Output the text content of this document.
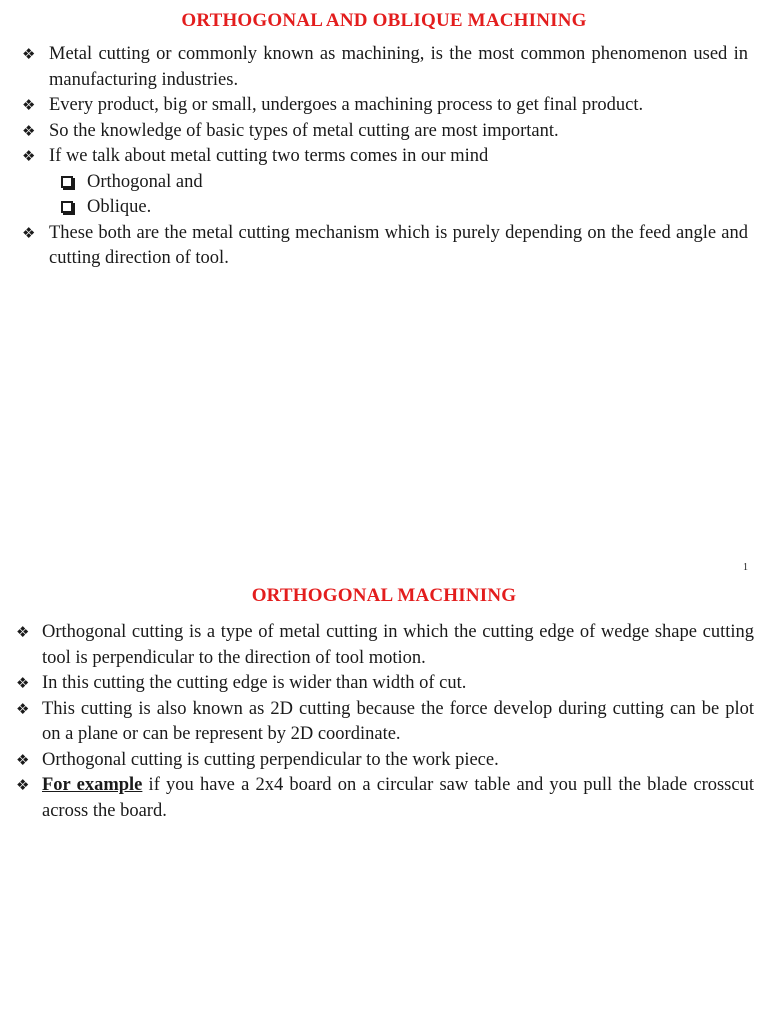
ORTHOGONAL AND OBLIQUE MACHINING
❖ Metal cutting or commonly known as machining, is the most common phenomenon used in manufacturing industries.
❖ Every product, big or small, undergoes a machining process to get final product.
❖ So the knowledge of basic types of metal cutting are most important.
❖ If we talk about metal cutting two terms comes in our mind
Orthogonal and
Oblique.
❖ These both are the metal cutting mechanism which is purely depending on the feed angle and cutting direction of tool.
1
ORTHOGONAL MACHINING
❖ Orthogonal cutting is a type of metal cutting in which the cutting edge of wedge shape cutting tool is perpendicular to the direction of tool motion.
❖ In this cutting the cutting edge is wider than width of cut.
❖ This cutting is also known as 2D cutting because the force develop during cutting can be plot on a plane or can be represent by 2D coordinate.
❖ Orthogonal cutting is cutting perpendicular to the work piece.
❖ For example if you have a 2x4 board on a circular saw table and you pull the blade crosscut across the board.
